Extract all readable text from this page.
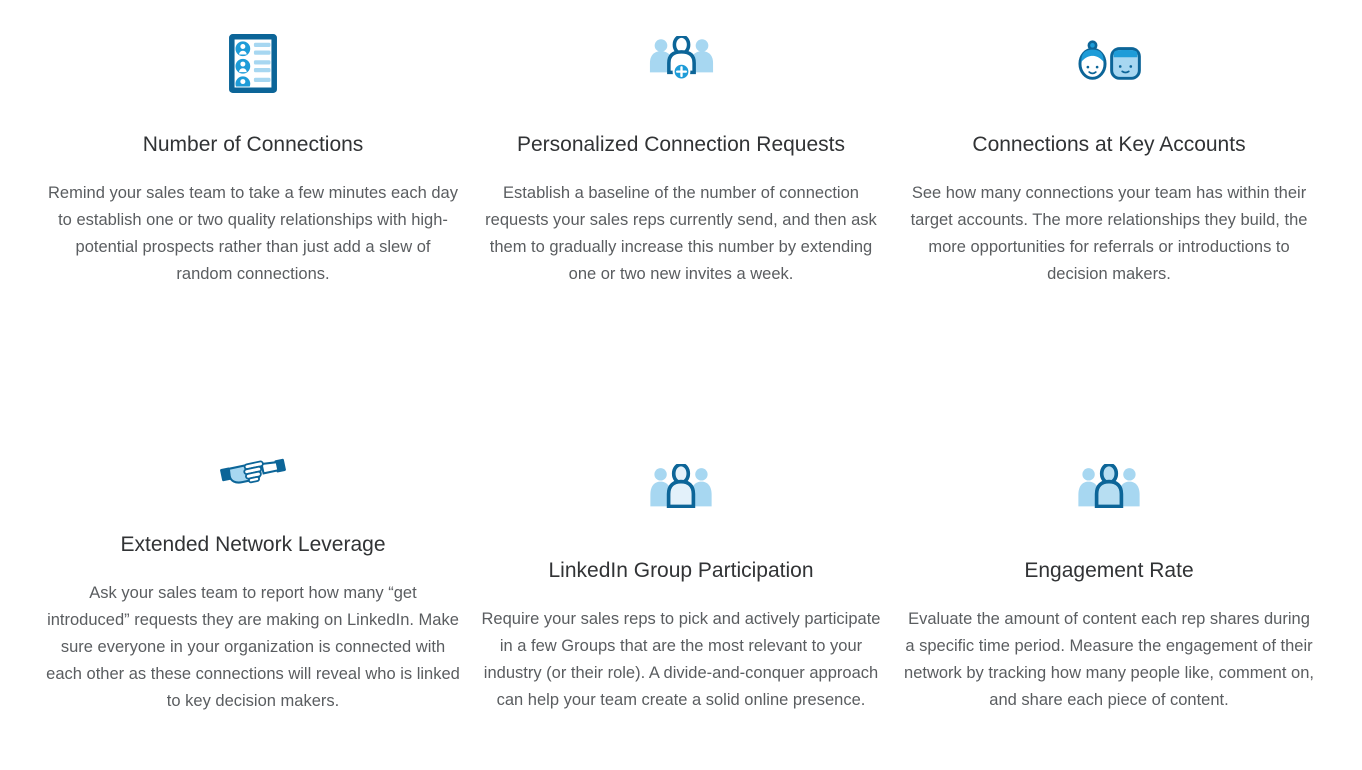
Number of Connections

Remind your sales team to take a few minutes each day to establish one or two quality relationships with high-potential prospects rather than just add a slew of random connections.

Personalized Connection Requests

Establish a baseline of the number of connection requests your sales reps currently send, and then ask them to gradually increase this number by extending one or two new invites a week.

Connections at Key Accounts

See how many connections your team has within their target accounts. The more relationships they build, the more opportunities for referrals or introductions to decision makers.

Extended Network Leverage

Ask your sales team to report how many “get introduced” requests they are making on LinkedIn. Make sure everyone in your organization is connected with each other as these connections will reveal who is linked to key decision makers.

LinkedIn Group Participation

Require your sales reps to pick and actively participate in a few Groups that are the most relevant to your industry (or their role). A divide-and-conquer approach can help your team create a solid online presence.

Engagement Rate

Evaluate the amount of content each rep shares during a specific time period. Measure the engagement of their network by tracking how many people like, comment on, and share each piece of content.
